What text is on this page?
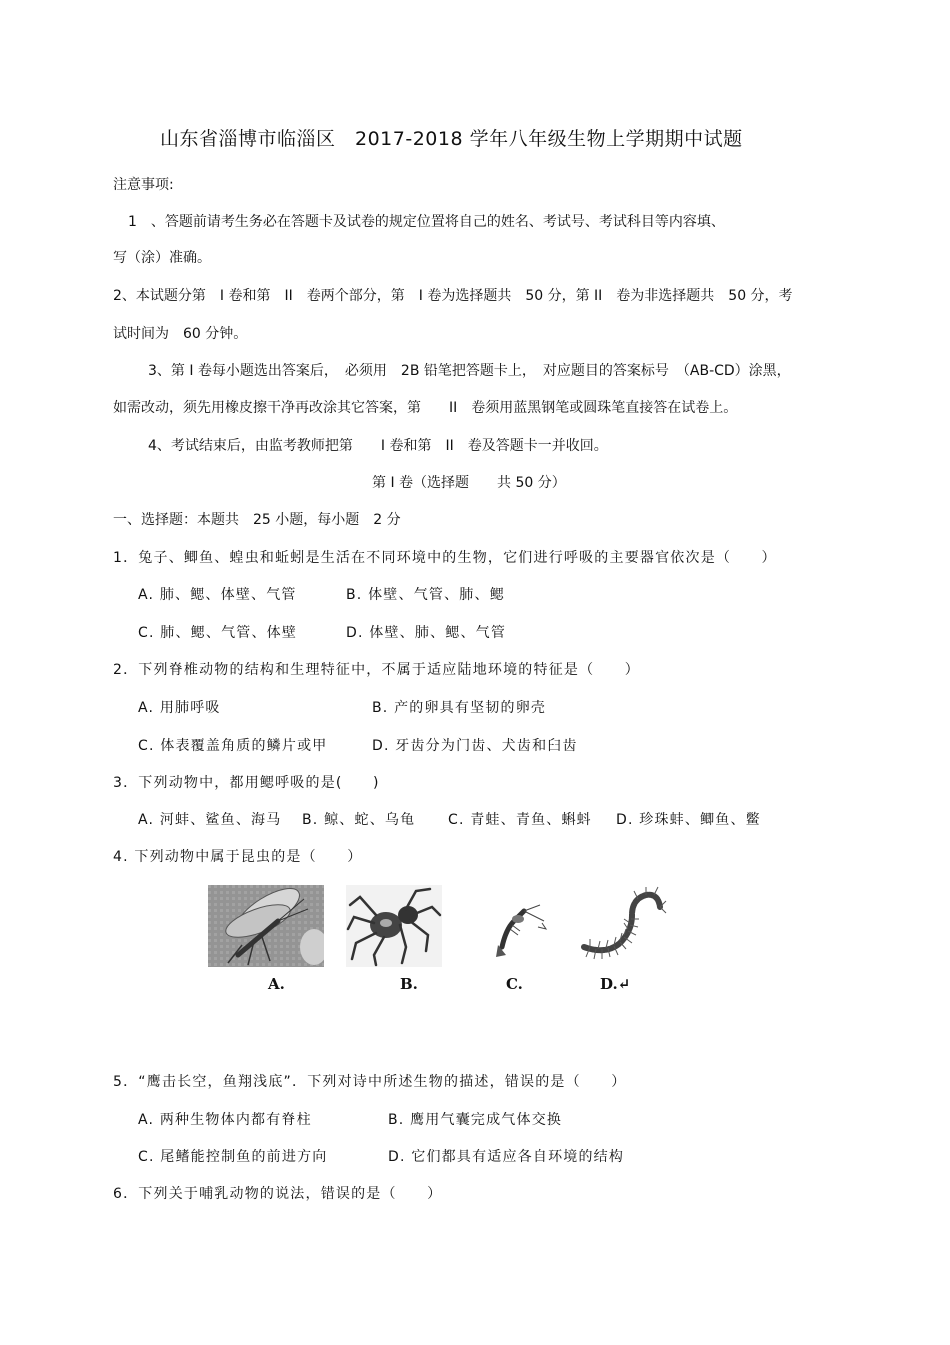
山东省淄博市临淄区　2017-2018 学年八年级生物上学期期中试题
注意事项:
1　、答题前请考生务必在答题卡及试卷的规定位置将自己的姓名、考试号、考试科目等内容填、
写（涂）准确。
2、本试题分第　I 卷和第　II　卷两个部分，第　I 卷为选择题共　50 分，第 II　卷为非选择题共　50 分，考
试时间为　60 分钟。
3、第 I 卷每小题选出答案后，　必须用　2B 铅笔把答题卡上，　对应题目的答案标号　（AB-CD）涂黑，
如需改动，须先用橡皮擦干净再改涂其它答案，第　　II　卷须用蓝黑钢笔或圆珠笔直接答在试卷上。
4、考试结束后，由监考教师把第　　I 卷和第　II　卷及答题卡一并收回。
第 I 卷（选择题　　共 50 分）
一、选择题：本题共　25 小题，每小题　2 分
1．兔子、鲫鱼、蝗虫和蚯蚓是生活在不同环境中的生物，它们进行呼吸的主要器官依次是（　　）
A. 肺、鳃、体壁、气管	B. 体壁、气管、肺、鳃
C. 肺、鳃、气管、体壁	D. 体壁、肺、鳃、气管
2．下列脊椎动物的结构和生理特征中，不属于适应陆地环境的特征是（　　）
A. 用肺呼吸	B. 产的卵具有坚韧的卵壳
C. 体表覆盖角质的鳞片或甲	D. 牙齿分为门齿、犬齿和臼齿
3．下列动物中，都用鳃呼吸的是(　　)
A. 河蚌、鲨鱼、海马 B. 鲸、蛇、乌龟 C. 青蛙、青鱼、蝌蚪 D. 珍珠蚌、鲫鱼、鳖
4. 下列动物中属于昆虫的是（　　）
A.	B.	C.	D.↵
5．“鹰击长空，鱼翔浅底”．下列对诗中所述生物的描述，错误的是（　　）
A. 两种生物体内都有脊柱	B. 鹰用气囊完成气体交换
C. 尾鳍能控制鱼的前进方向	D. 它们都具有适应各自环境的结构
6．下列关于哺乳动物的说法，错误的是（　　）
